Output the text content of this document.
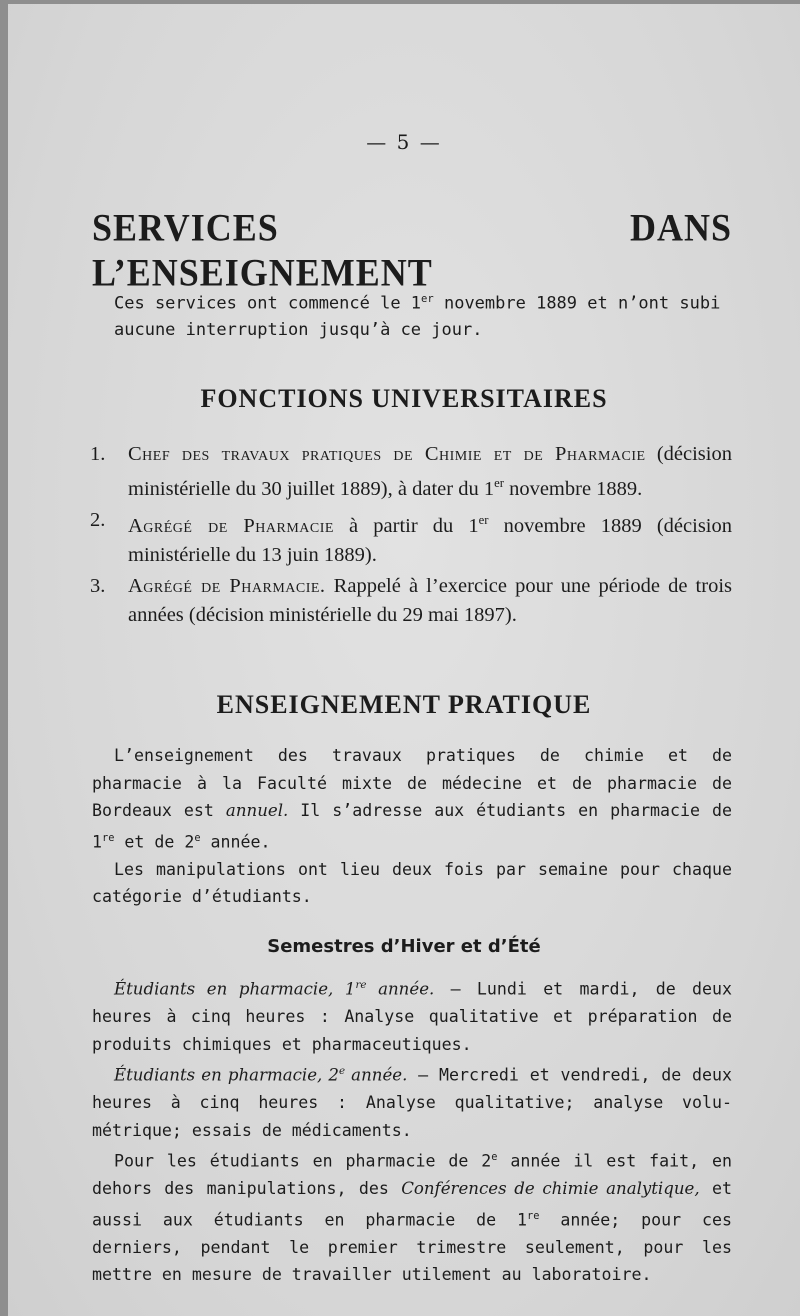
— 5 —
SERVICES DANS L’ENSEIGNEMENT
Ces services ont commencé le 1er novembre 1889 et n’ont subi aucune interruption jusqu’à ce jour.
FONCTIONS UNIVERSITAIRES
1. Chef des travaux pratiques de Chimie et de Pharmacie (décision ministérielle du 30 juillet 1889), à dater du 1er novembre 1889.
2. Agrégé de Pharmacie à partir du 1er novembre 1889 (décision ministérielle du 13 juin 1889).
3. Agrégé de Pharmacie. Rappelé à l’exercice pour une période de trois années (décision ministérielle du 29 mai 1897).
ENSEIGNEMENT PRATIQUE
L’enseignement des travaux pratiques de chimie et de pharmacie à la Faculté mixte de médecine et de pharmacie de Bordeaux est annuel. Il s’adresse aux étudiants en pharmacie de 1re et de 2e année.
Les manipulations ont lieu deux fois par semaine pour chaque catégorie d’étudiants.
Semestres d’Hiver et d’Été
Étudiants en pharmacie, 1re année. — Lundi et mardi, de deux heures à cinq heures : Analyse qualitative et préparation de produits chimiques et pharmaceutiques.
Étudiants en pharmacie, 2e année. — Mercredi et vendredi, de deux heures à cinq heures : Analyse qualitative; analyse volumétrique; essais de médicaments.
Pour les étudiants en pharmacie de 2e année il est fait, en dehors des manipulations, des Conférences de chimie analytique, et aussi aux étudiants en pharmacie de 1re année; pour ces derniers, pendant le premier trimestre seulement, pour les mettre en mesure de travailler utilement au laboratoire.
